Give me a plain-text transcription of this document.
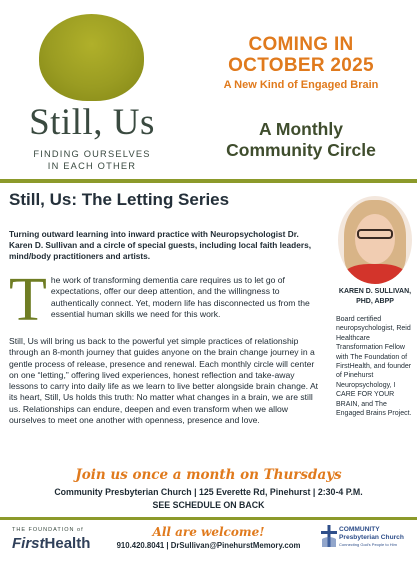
Still, Us
FINDING OURSELVES
IN EACH OTHER
COMING IN
OCTOBER 2025
A New Kind of Engaged Brain
A Monthly
Community Circle
Still, Us: The Letting Series

Turning outward learning into inward practice with Neuropsychologist Dr. Karen D. Sullivan and a circle of special guests, including local faith leaders, mind/body practitioners and artists.

The work of transforming dementia care requires us to let go of expectations, offer our deep attention, and the willingness to authentically connect. Yet, modern life has disconnected us from the essential human skills we need for this work.

Still, Us will bring us back to the powerful yet simple practices of relationship through an 8-month journey that guides anyone on the brain change journey in a gentle process of release, presence and renewal. Each monthly circle will center on one “letting,” offering lived experiences, honest reflection and take-away lessons to carry into daily life as we learn to live better alongside brain change. At its heart, Still, Us holds this truth: No matter what changes in a brain, we are still us. Relationships can endure, deepen and even transform when we allow ourselves to meet one another with openness, presence and love.

KAREN D. SULLIVAN,
PHD, ABPP

Board certified neuropsychologist, Reid Healthcare Transformation Fellow with The Foundation of FirstHealth, and founder of Pinehurst Neuropsychology, I CARE FOR YOUR BRAIN, and The Engaged Brains Project.

Join us once a month on Thursdays
Community Presbyterian Church | 125 Everette Rd, Pinehurst | 2:30-4 P.M.
SEE SCHEDULE ON BACK
THE FOUNDATION of
FirstHealth
All are welcome!
910.420.8041 | DrSullivan@PinehurstMemory.com
COMMUNITY
Presbyterian Church
Connecting God's People to Him
